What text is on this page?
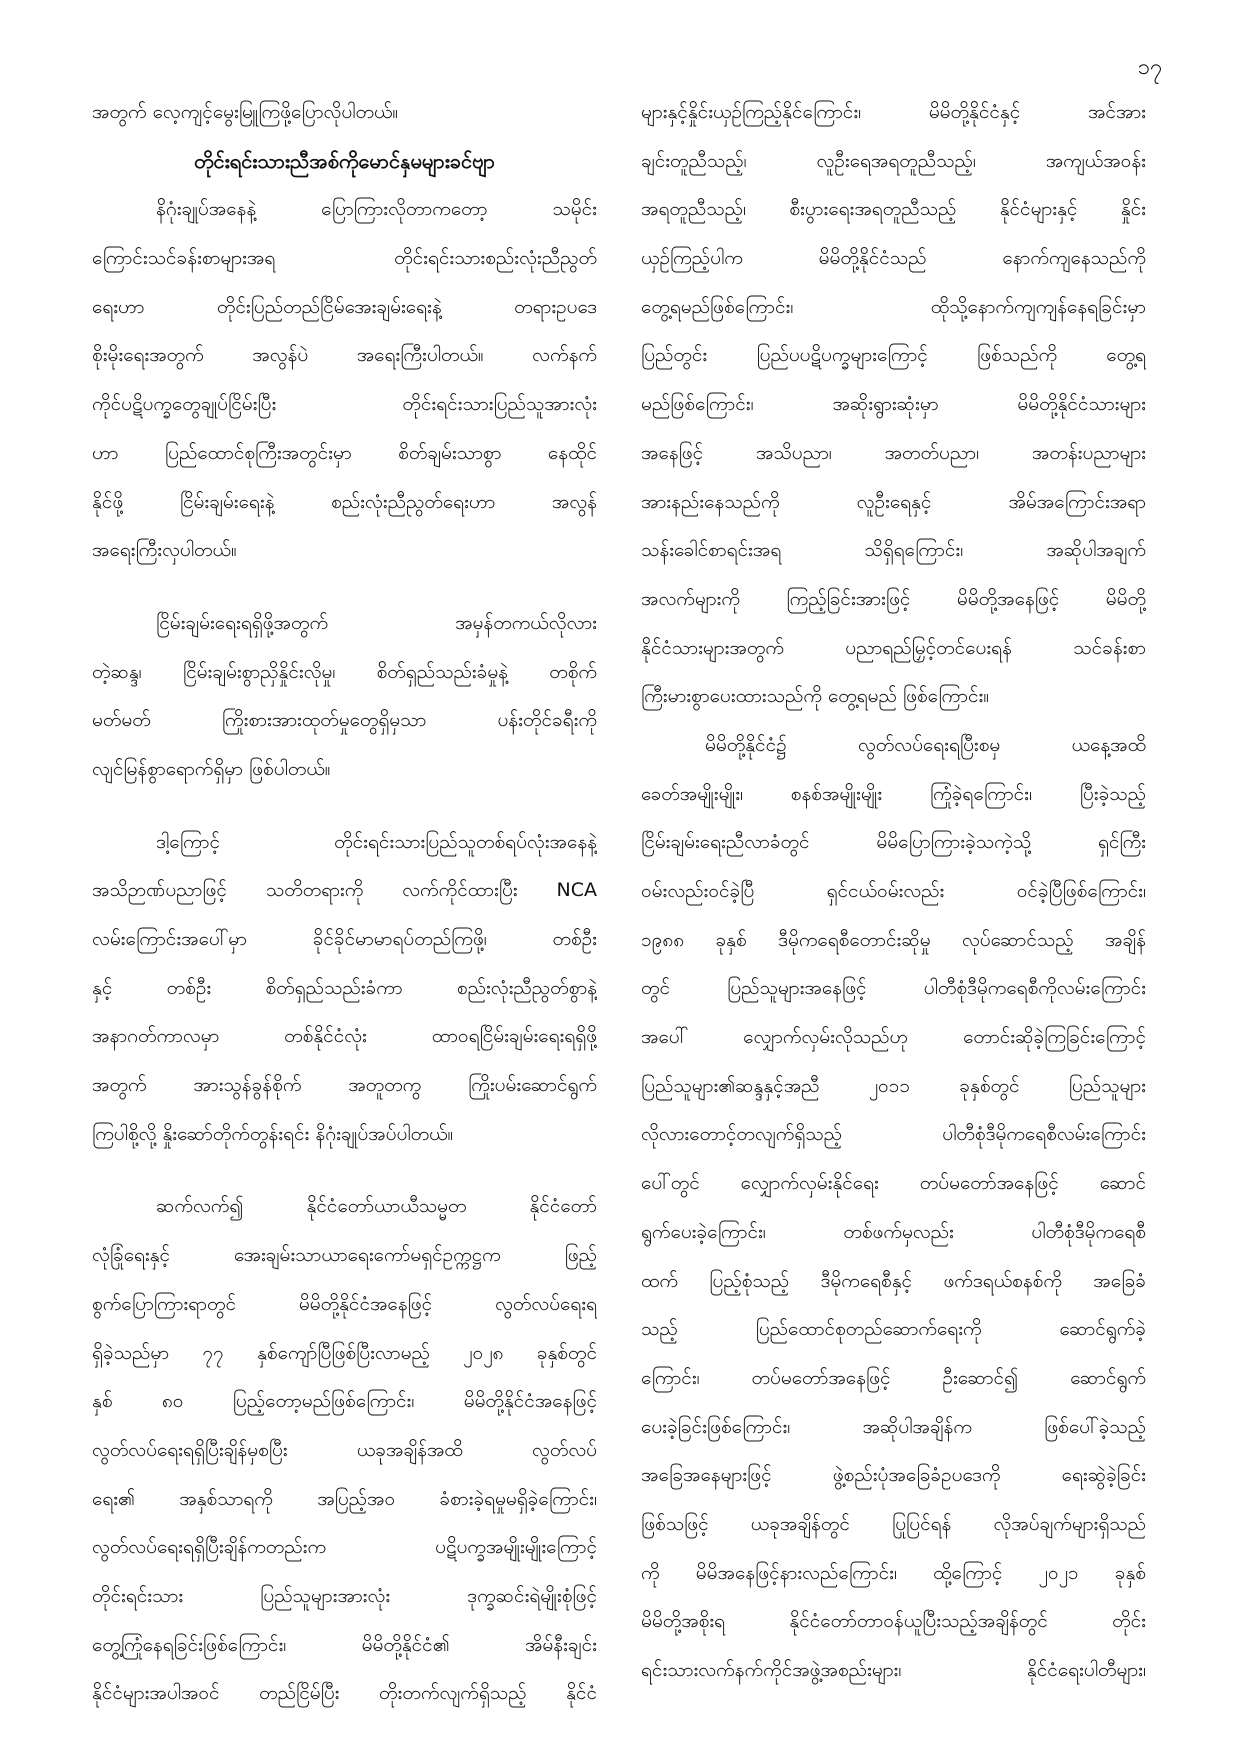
၁၇
အတွက် လေ့ကျင့်မွေးမြူကြဖို့ပြောလိုပါတယ်။
တိုင်းရင်းသားညီအစ်ကိုမောင်နှမများခင်ဗျာ
နိဂုံးချုပ်အနေနဲ့ ပြောကြားလိုတာကတော့ သမိုင်း
ကြောင်းသင်ခန်းစာများအရ တိုင်းရင်းသားစည်းလုံးညီညွတ်
ရေးဟာ တိုင်းပြည်တည်ငြိမ်အေးချမ်းရေးနဲ့ တရားဥပဒေ
စိုးမိုးရေးအတွက် အလွန်ပဲ အရေးကြီးပါတယ်။ လက်နက်
ကိုင်ပဋိပက္ခတွေချုပ်ငြိမ်းပြီး တိုင်းရင်းသားပြည်သူအားလုံး
ဟာ ပြည်ထောင်စုကြီးအတွင်းမှာ စိတ်ချမ်းသာစွာ နေထိုင်
နိုင်ဖို့ ငြိမ်းချမ်းရေးနဲ့ စည်းလုံးညီညွတ်ရေးဟာ အလွန်
အရေးကြီးလှပါတယ်။
ငြိမ်းချမ်းရေးရရှိဖို့အတွက် အမှန်တကယ်လိုလား
တဲ့ဆန္ဒ၊ ငြိမ်းချမ်းစွာညှိနှိုင်းလိုမှု၊ စိတ်ရှည်သည်းခံမှုနဲ့ တစိုက်
မတ်မတ် ကြိုးစားအားထုတ်မှုတွေရှိမှသာ ပန်းတိုင်ခရီးကို
လျင်မြန်စွာရောက်ရှိမှာ ဖြစ်ပါတယ်။
ဒါ့ကြောင့် တိုင်းရင်းသားပြည်သူတစ်ရပ်လုံးအနေနဲ့
အသိဉာဏ်ပညာဖြင့် သတိတရားကို လက်ကိုင်ထားပြီး NCA
လမ်းကြောင်းအပေါ်မှာ ခိုင်ခိုင်မာမာရပ်တည်ကြဖို့၊ တစ်ဦး
နှင့် တစ်ဦး စိတ်ရှည်သည်းခံကာ စည်းလုံးညီညွတ်စွာနဲ့
အနာဂတ်ကာလမှာ တစ်နိုင်ငံလုံး ထာဝရငြိမ်းချမ်းရေးရရှိဖို့
အတွက် အားသွန်ခွန်စိုက် အတူတကွ ကြိုးပမ်းဆောင်ရွက်
ကြပါစို့လို့ နှိုးဆော်တိုက်တွန်းရင်း နိဂုံးချုပ်အပ်ပါတယ်။
ဆက်လက်၍ နိုင်ငံတော်ယာယီသမ္မတ နိုင်ငံတော်
လုံခြုံရေးနှင့် အေးချမ်းသာယာရေးကော်မရှင်ဥက္ကဋ္ဌက ဖြည့်
စွက်ပြောကြားရာတွင် မိမိတို့နိုင်ငံအနေဖြင့် လွတ်လပ်ရေးရ
ရှိခဲ့သည်မှာ ၇၇ နှစ်ကျော်ပြီဖြစ်ပြီးလာမည့် ၂၀၂၈ ခုနှစ်တွင်
နှစ် ၈၀ ပြည့်တော့မည်ဖြစ်ကြောင်း၊ မိမိတို့နိုင်ငံအနေဖြင့်
လွတ်လပ်ရေးရရှိပြီးချိန်မှစပြီး ယခုအချိန်အထိ လွတ်လပ်
ရေး၏ အနှစ်သာရကို အပြည့်အဝ ခံစားခဲ့ရမှုမရှိခဲ့ကြောင်း၊
လွတ်လပ်ရေးရရှိပြီးချိန်ကတည်းက ပဋိပက္ခအမျိုးမျိုးကြောင့်
တိုင်းရင်းသား ပြည်သူများအားလုံး ဒုက္ခဆင်းရဲမျိုးစုံဖြင့်
တွေ့ကြုံနေရခြင်းဖြစ်ကြောင်း၊ မိမိတို့နိုင်ငံ၏ အိမ်နီးချင်း
နိုင်ငံများအပါအဝင် တည်ငြိမ်ပြီး တိုးတက်လျက်ရှိသည့် နိုင်ငံ
များနှင့်နှိုင်းယှဉ်ကြည့်နိုင်ကြောင်း၊ မိမိတို့နိုင်ငံနှင့် အင်အား
ချင်းတူညီသည့်၊ လူဦးရေအရတူညီသည့်၊ အကျယ်အဝန်း
အရတူညီသည့်၊ စီးပွားရေးအရတူညီသည့် နိုင်ငံများနှင့် နှိုင်း
ယှဉ်ကြည့်ပါက မိမိတို့နိုင်ငံသည် နောက်ကျနေသည်ကို
တွေ့ရမည်ဖြစ်ကြောင်း၊ ထိုသို့နောက်ကျကျန်နေရခြင်းမှာ
ပြည်တွင်း ပြည်ပပဋိပက္ခများကြောင့် ဖြစ်သည်ကို တွေ့ရ
မည်ဖြစ်ကြောင်း၊ အဆိုးရွားဆုံးမှာ မိမိတို့နိုင်ငံသားများ
အနေဖြင့် အသိပညာ၊ အတတ်ပညာ၊ အတန်းပညာများ
အားနည်းနေသည်ကို လူဦးရေနှင့် အိမ်အကြောင်းအရာ
သန်းခေါင်စာရင်းအရ သိရှိရကြောင်း၊ အဆိုပါအချက်
အလက်များကို ကြည့်ခြင်းအားဖြင့် မိမိတို့အနေဖြင့် မိမိတို့
နိုင်ငံသားများအတွက် ပညာရည်မြှင့်တင်ပေးရန် သင်ခန်းစာ
ကြီးမားစွာပေးထားသည်ကို တွေ့ရမည် ဖြစ်ကြောင်း။
မိမိတို့နိုင်ငံ၌ လွတ်လပ်ရေးရပြီးစမှ ယနေ့အထိ
ခေတ်အမျိုးမျိုး၊ စနစ်အမျိုးမျိုး ကြုံခဲ့ရကြောင်း၊ ပြီးခဲ့သည့်
ငြိမ်းချမ်းရေးညီလာခံတွင် မိမိပြောကြားခဲ့သကဲ့သို့ ရှင်ကြီး
ဝမ်းလည်းဝင်ခဲ့ပြီ ရှင်ငယ်ဝမ်းလည်း ဝင်ခဲ့ပြီဖြစ်ကြောင်း၊
၁၉၈၈ ခုနှစ် ဒီမိုကရေစီတောင်းဆိုမှု လုပ်ဆောင်သည့် အချိန်
တွင် ပြည်သူများအနေဖြင့် ပါတီစုံဒီမိုကရေစီကိုလမ်းကြောင်း
အပေါ် လျှောက်လှမ်းလိုသည်ဟု တောင်းဆိုခဲ့ကြခြင်းကြောင့်
ပြည်သူများ၏ဆန္ဒနှင့်အညီ ၂၀၁၁ ခုနှစ်တွင် ပြည်သူများ
လိုလားတောင့်တလျက်ရှိသည့် ပါတီစုံဒီမိုကရေစီလမ်းကြောင်း
ပေါ်တွင် လျှောက်လှမ်းနိုင်ရေး တပ်မတော်အနေဖြင့် ဆောင်
ရွက်ပေးခဲ့ကြောင်း၊ တစ်ဖက်မှလည်း ပါတီစုံဒီမိုကရေစီ
ထက် ပြည့်စုံသည့် ဒီမိုကရေစီနှင့် ဖက်ဒရယ်စနစ်ကို အခြေခံ
သည့် ပြည်ထောင်စုတည်ဆောက်ရေးကို ဆောင်ရွက်ခဲ့
ကြောင်း၊ တပ်မတော်အနေဖြင့် ဦးဆောင်၍ ဆောင်ရွက်
ပေးခဲ့ခြင်းဖြစ်ကြောင်း၊ အဆိုပါအချိန်က ဖြစ်ပေါ်ခဲ့သည့်
အခြေအနေများဖြင့် ဖွဲ့စည်းပုံအခြေခံဥပဒေကို ရေးဆွဲခဲ့ခြင်း
ဖြစ်သဖြင့် ယခုအချိန်တွင် ပြုပြင်ရန် လိုအပ်ချက်များရှိသည်
ကို မိမိအနေဖြင့်နားလည်ကြောင်း၊ ထို့ကြောင့် ၂၀၂၁ ခုနှစ်
မိမိတို့အစိုးရ နိုင်ငံတော်တာဝန်ယူပြီးသည့်အချိန်တွင် တိုင်း
ရင်းသားလက်နက်ကိုင်အဖွဲ့အစည်းများ၊ နိုင်ငံရေးပါတီများ၊
